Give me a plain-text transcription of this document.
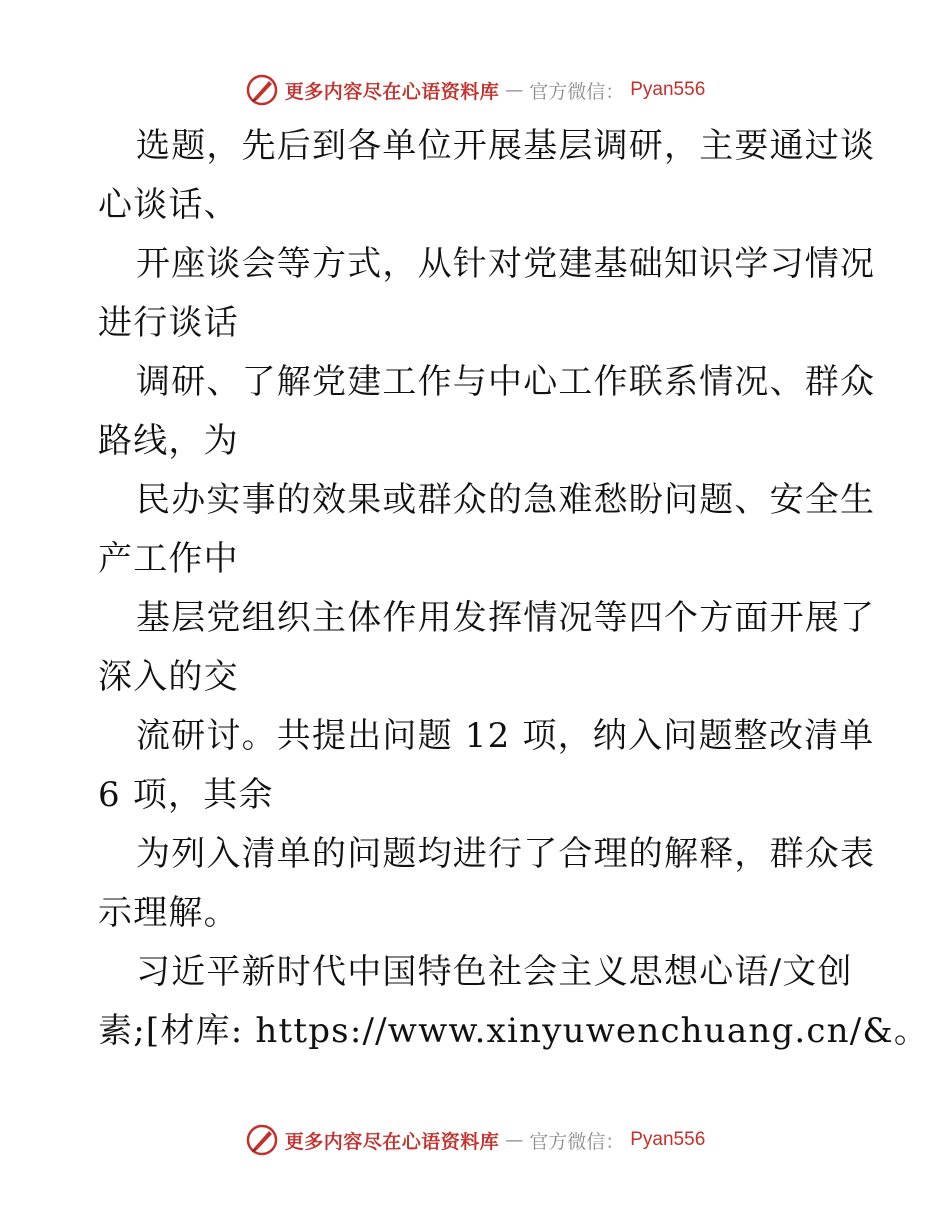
更多内容尽在心语资料库 — 官方微信： Pyan556

选题，先后到各单位开展基层调研，主要通过谈
心谈话、

开座谈会等方式，从针对党建基础知识学习情况
进行谈话

调研、了解党建工作与中心工作联系情况、群众
路线，为

民办实事的效果或群众的急难愁盼问题、安全生
产工作中

基层党组织主体作用发挥情况等四个方面开展了
深入的交

流研讨。共提出问题 12 项，纳入问题整改清单
6 项，其余

为列入清单的问题均进行了合理的解释，群众表
示理解。

习近平新时代中国特色社会主义思想心语/文创
素;[材库: https://www.xinyuwenchuang.cn/&。

更多内容尽在心语资料库 — 官方微信： Pyan556
